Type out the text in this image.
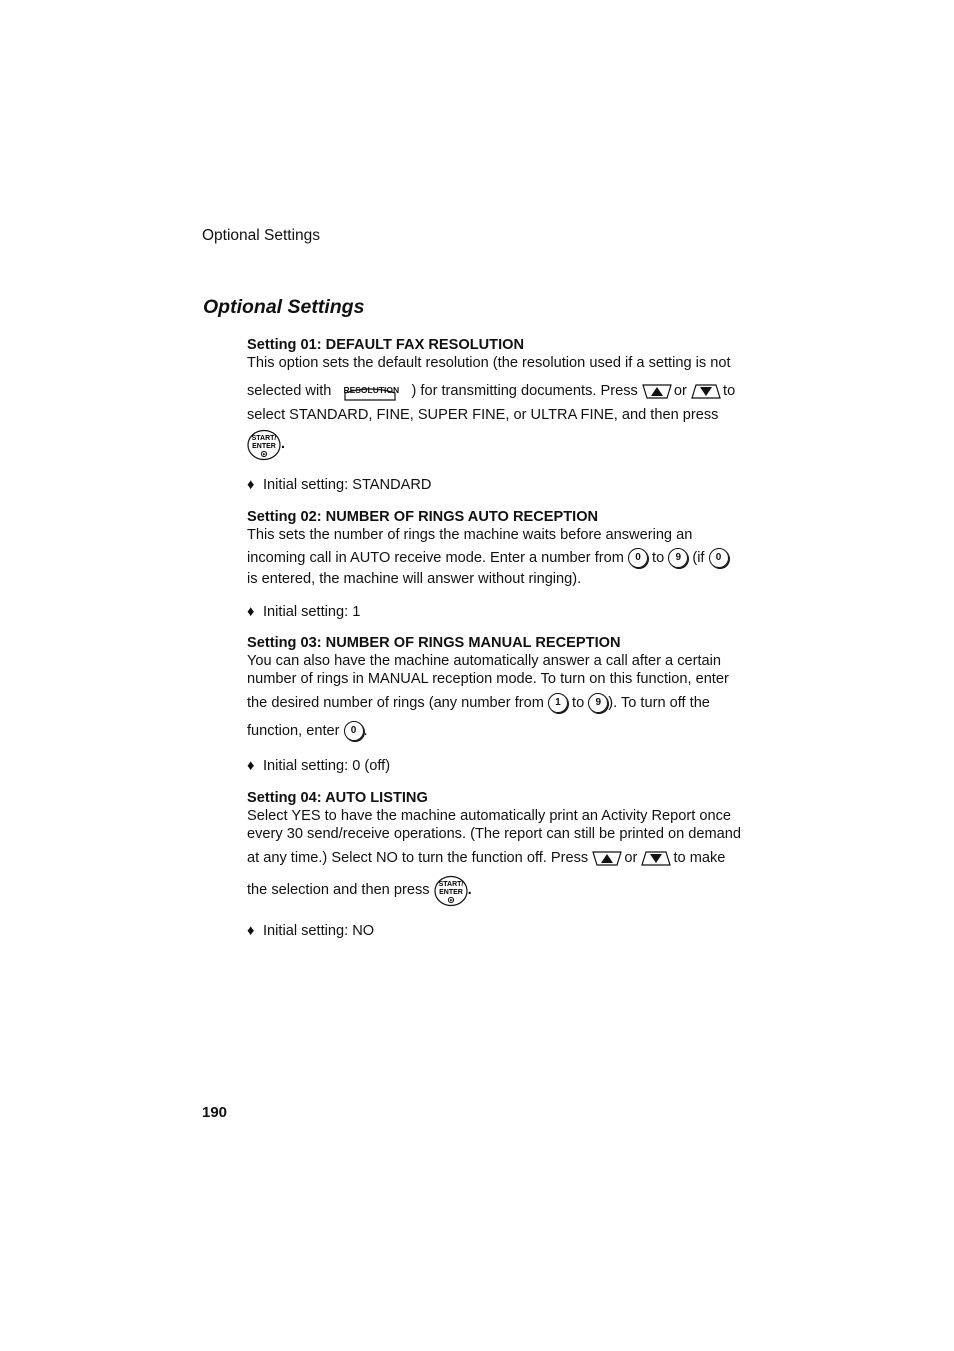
Optional Settings
Optional Settings
Setting 01: DEFAULT FAX RESOLUTION
This option sets the default resolution (the resolution used if a setting is not
selected with RESOLUTION ) for transmitting documents. Press or to
select STANDARD, FINE, SUPER FINE, or ULTRA FINE, and then press
START/
ENTER .
♦ Initial setting: STANDARD
Setting 02: NUMBER OF RINGS AUTO RECEPTION
This sets the number of rings the machine waits before answering an
incoming call in AUTO receive mode. Enter a number from 0 to 9 (if 0
is entered, the machine will answer without ringing).
♦ Initial setting: 1
Setting 03: NUMBER OF RINGS MANUAL RECEPTION
You can also have the machine automatically answer a call after a certain
number of rings in MANUAL reception mode. To turn on this function, enter
the desired number of rings (any number from 1 to 9 ). To turn off the
function, enter 0 .
♦ Initial setting: 0 (off)
Setting 04: AUTO LISTING
Select YES to have the machine automatically print an Activity Report once
every 30 send/receive operations. (The report can still be printed on demand
at any time.) Select NO to turn the function off. Press or to make
the selection and then press START/
ENTER .
♦ Initial setting: NO
190
